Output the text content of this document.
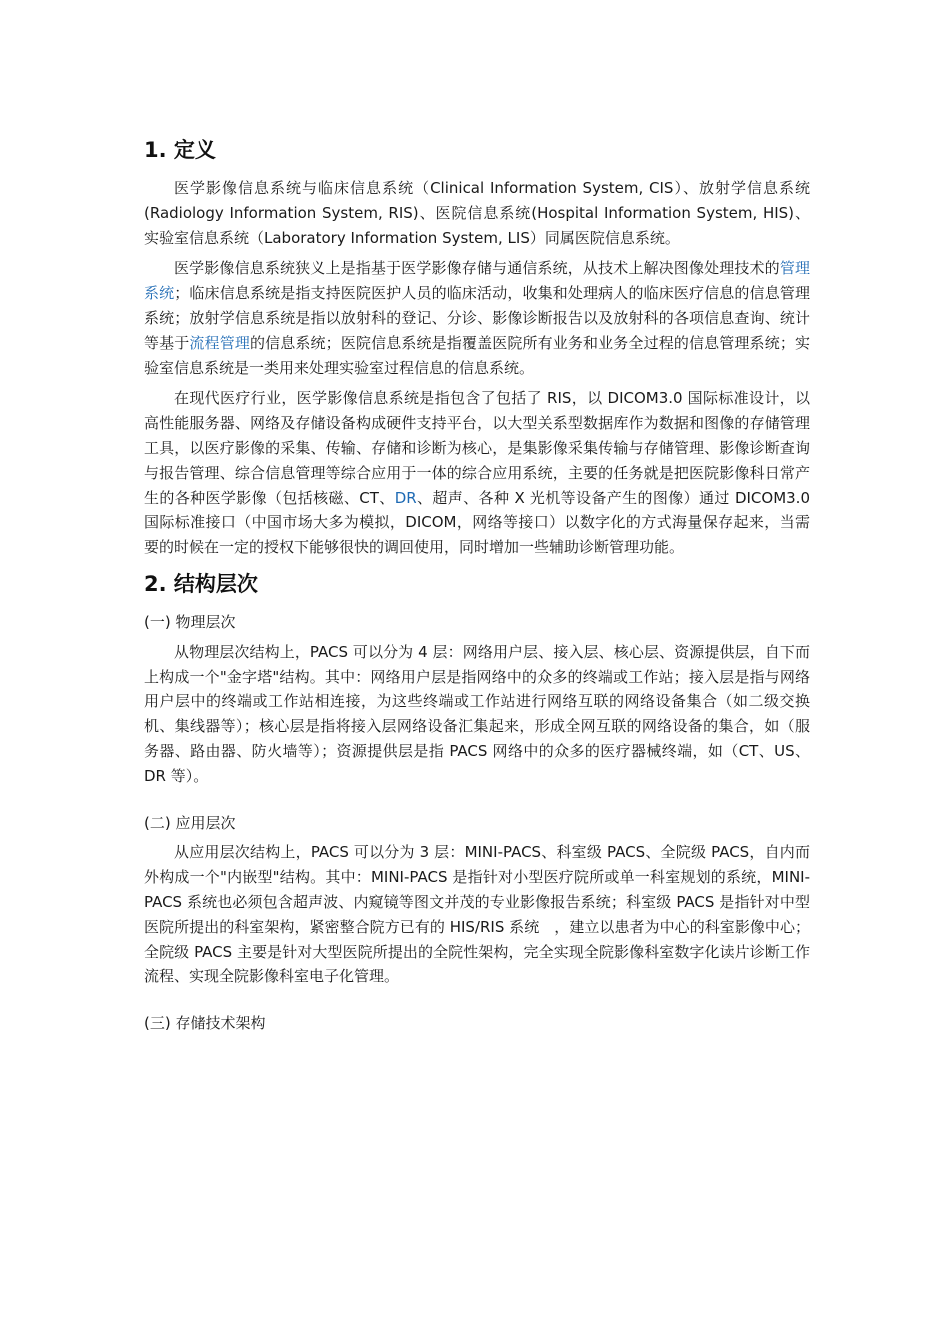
1. 定义

医学影像信息系统与临床信息系统（Clinical Information System, CIS）、放射学信息系统(Radiology Information System, RIS)、医院信息系统(Hospital Information System, HIS)、实验室信息系统（Laboratory Information System, LIS）同属医院信息系统。

医学影像信息系统狭义上是指基于医学影像存储与通信系统，从技术上解决图像处理技术的管理系统；临床信息系统是指支持医院医护人员的临床活动，收集和处理病人的临床医疗信息的信息管理系统；放射学信息系统是指以放射科的登记、分诊、影像诊断报告以及放射科的各项信息查询、统计等基于流程管理的信息系统；医院信息系统是指覆盖医院所有业务和业务全过程的信息管理系统；实验室信息系统是一类用来处理实验室过程信息的信息系统。

在现代医疗行业，医学影像信息系统是指包含了包括了 RIS，以 DICOM3.0 国际标准设计，以高性能服务器、网络及存储设备构成硬件支持平台，以大型关系型数据库作为数据和图像的存储管理工具，以医疗影像的采集、传输、存储和诊断为核心，是集影像采集传输与存储管理、影像诊断查询与报告管理、综合信息管理等综合应用于一体的综合应用系统，主要的任务就是把医院影像科日常产生的各种医学影像（包括核磁、CT、DR、超声、各种 X 光机等设备产生的图像）通过 DICOM3.0 国际标准接口（中国市场大多为模拟，DICOM，网络等接口）以数字化的方式海量保存起来，当需要的时候在一定的授权下能够很快的调回使用，同时增加一些辅助诊断管理功能。

2. 结构层次

(一) 物理层次

从物理层次结构上，PACS 可以分为 4 层：网络用户层、接入层、核心层、资源提供层，自下而上构成一个"金字塔"结构。其中：网络用户层是指网络中的众多的终端或工作站；接入层是指与网络用户层中的终端或工作站相连接，为这些终端或工作站进行网络互联的网络设备集合（如二级交换机、集线器等）；核心层是指将接入层网络设备汇集起来，形成全网互联的网络设备的集合，如（服务器、路由器、防火墙等）；资源提供层是指 PACS 网络中的众多的医疗器械终端，如（CT、US、DR 等）。

(二) 应用层次

从应用层次结构上，PACS 可以分为 3 层：MINI-PACS、科室级 PACS、全院级 PACS，自内而外构成一个"内嵌型"结构。其中：MINI-PACS 是指针对小型医疗院所或单一科室规划的系统，MINI-PACS 系统也必须包含超声波、内窥镜等图文并茂的专业影像报告系统；科室级 PACS 是指针对中型医院所提出的科室架构，紧密整合院方已有的 HIS/RIS 系统　，建立以患者为中心的科室影像中心；全院级 PACS 主要是针对大型医院所提出的全院性架构，完全实现全院影像科室数字化读片诊断工作流程、实现全院影像科室电子化管理。

(三) 存储技术架构
